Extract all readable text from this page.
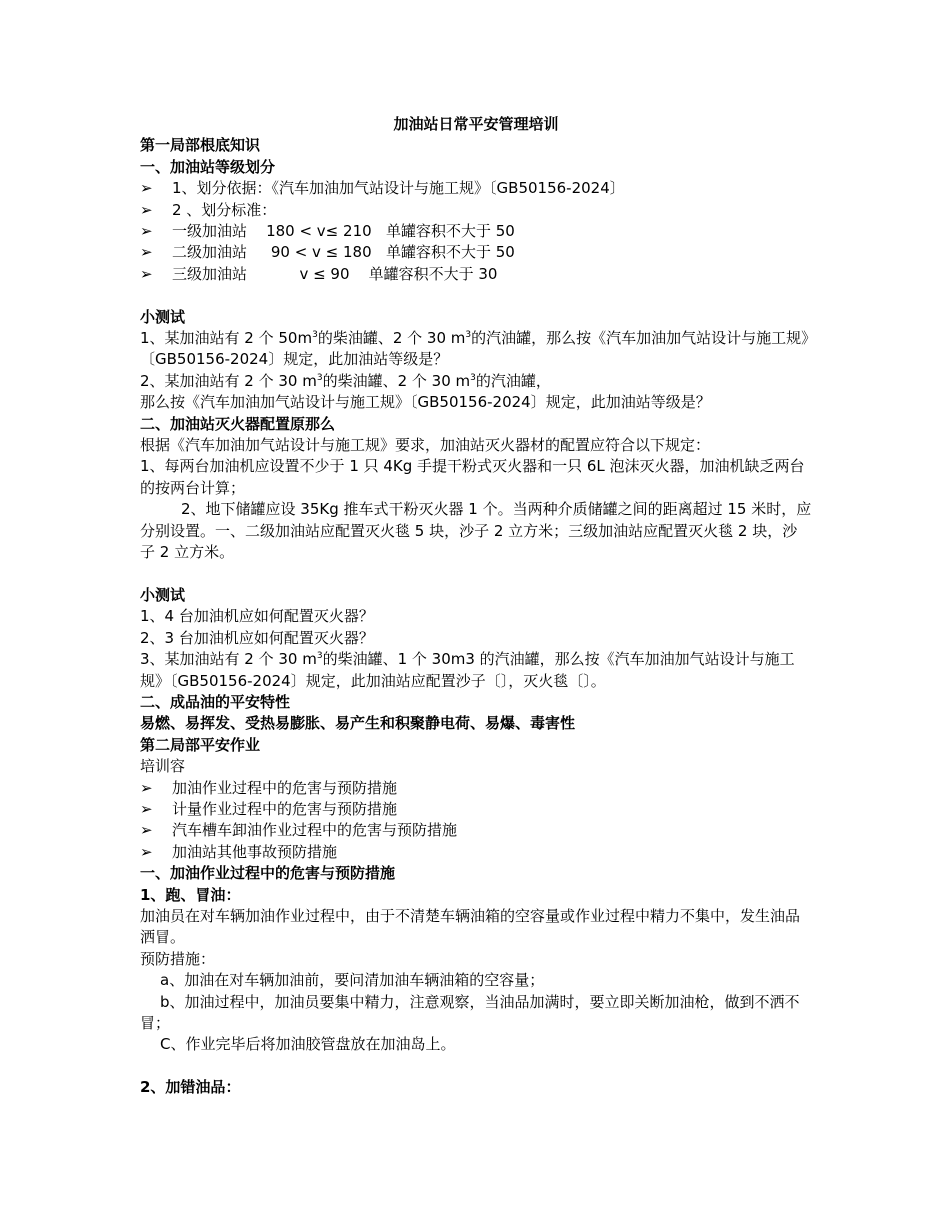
加油站日常平安管理培训
第一局部根底知识
一、加油站等级划分
➢ 1、划分依据：《汽车加油加气站设计与施工规》〔GB50156-2024〕
➢ 2 、划分标准：
➢ 一级加油站    180 < v≤ 210   单罐容积不大于 50
➢ 二级加油站     90 < v ≤ 180   单罐容积不大于 50
➢ 三级加油站           v ≤ 90    单罐容积不大于 30
小测试
1、某加油站有 2 个 $50m^3$的柴油罐、2 个 30 $m^3$的汽油罐，那么按《汽车加油加气站设计与施工规》〔GB50156-2024〕规定，此加油站等级是？
2、某加油站有 2 个 30 $m^3$的柴油罐、2 个 30 $m^3$的汽油罐，
那么按《汽车加油加气站设计与施工规》〔GB50156-2024〕规定，此加油站等级是？
二、加油站灭火器配置原那么
根据《汽车加油加气站设计与施工规》要求，加油站灭火器材的配置应符合以下规定：
1、每两台加油机应设置不少于 1 只 4Kg 手提干粉式灭火器和一只 6L 泡沫灭火器，加油机缺乏两台的按两台计算；
2、地下储罐应设 35Kg 推车式干粉灭火器 1 个。当两种介质储罐之间的距离超过 15 米时，应分别设置。一、二级加油站应配置灭火毯 5 块，沙子 2 立方米；三级加油站应配置灭火毯 2 块，沙子 2 立方米。
小测试
1、4 台加油机应如何配置灭火器？
2、3 台加油机应如何配置灭火器？
3、某加油站有 2 个 30 $m^3$的柴油罐、1 个 30m3 的汽油罐，那么按《汽车加油加气站设计与施工规》〔GB50156-2024〕规定，此加油站应配置沙子〔〕，灭火毯〔〕。
二、成品油的平安特性
易燃、易挥发、受热易膨胀、易产生和积聚静电荷、易爆、毒害性
第二局部平安作业
培训容
➢ 加油作业过程中的危害与预防措施
➢ 计量作业过程中的危害与预防措施
➢ 汽车槽车卸油作业过程中的危害与预防措施
➢ 加油站其他事故预防措施
一、加油作业过程中的危害与预防措施
1、跑、冒油：
加油员在对车辆加油作业过程中，由于不清楚车辆油箱的空容量或作业过程中精力不集中，发生油品洒冒。
预防措施：
a、加油在对车辆加油前，要问清加油车辆油箱的空容量；
b、加油过程中，加油员要集中精力，注意观察，当油品加满时，要立即关断加油枪，做到不洒不冒；
C、作业完毕后将加油胶管盘放在加油岛上。
2、加错油品：
